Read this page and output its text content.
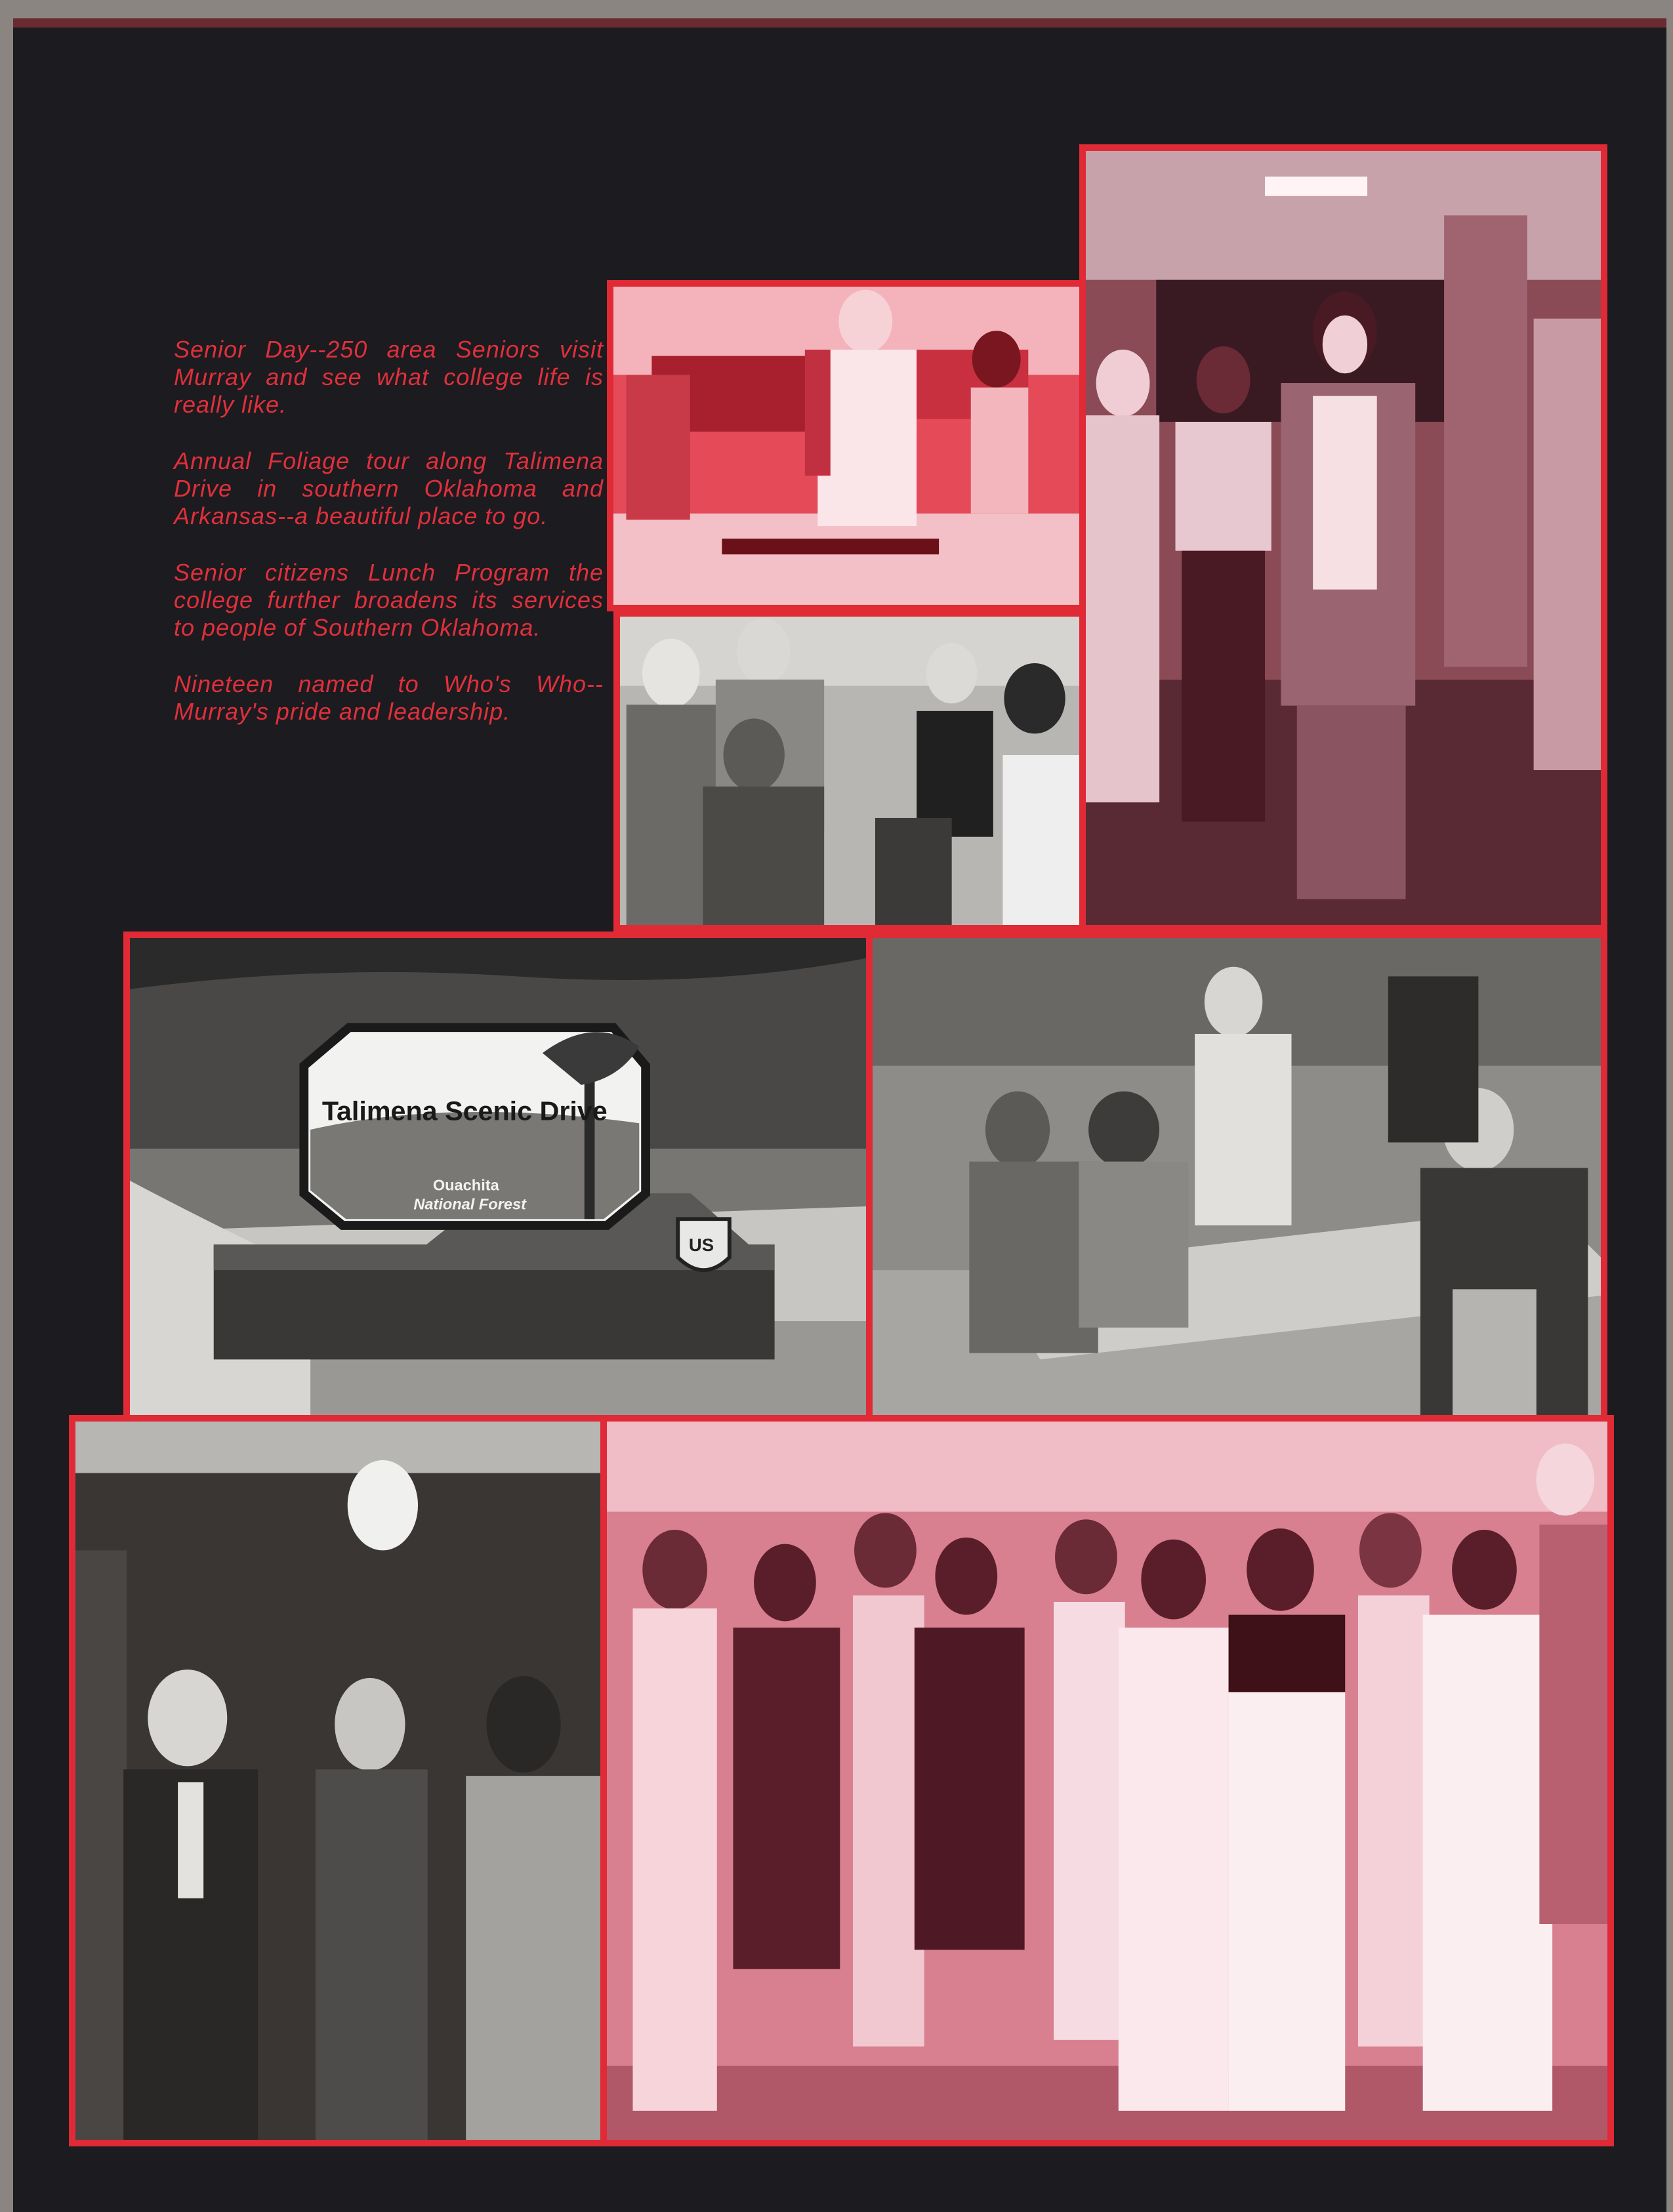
Senior Day--250 area Seniors visit Murray and see what college life is really like.

Annual Foliage tour along Talimena Drive in southern Oklahoma and Arkansas--a beautiful place to go.

Senior citizens Lunch Program the college further broadens its services to people of Southern Oklahoma.

Nineteen named to Who's Who--Murray's pride and leadership.

Talimena Scenic Drive
Ouachita
National Forest
US
